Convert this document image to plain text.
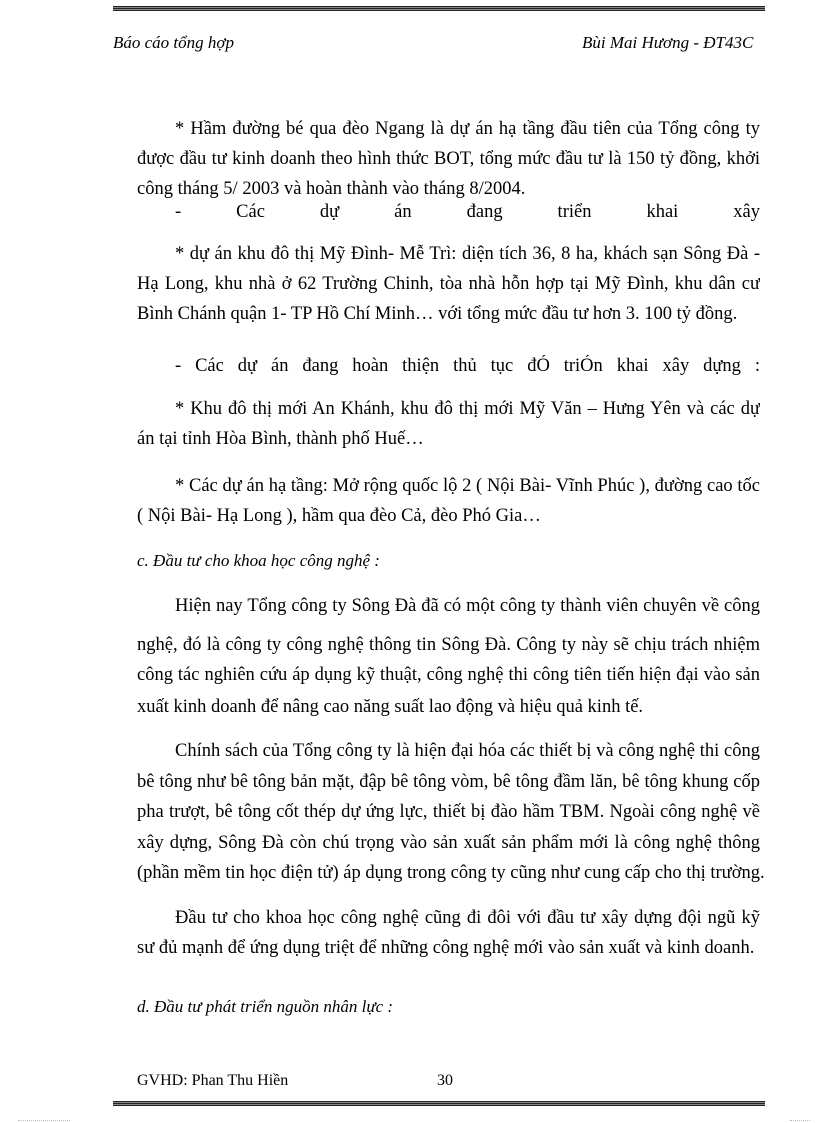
Báo cáo tổng hợp	Bùi Mai Hương - ĐT43C
* Hầm đường bé qua đèo Ngang là dự án hạ tầng đầu tiên của Tổng công ty
được đầu tư kinh doanh theo hình thức BOT, tổng mức đầu tư là 150 tỷ đồng, khởi
công tháng 5/ 2003 và hoàn thành vào tháng 8/2004.
- Các dự án đang triển khai xây
* dự án khu đô thị Mỹ Đình- Mễ Trì: diện tích 36, 8 ha, khách sạn Sông Đà -
Hạ Long, khu nhà ở 62 Trường Chinh, tòa nhà hỗn hợp tại Mỹ Đình, khu dân cư
Bình Chánh quận 1- TP Hồ Chí Minh… với tổng mức đầu tư hơn 3. 100 tỷ đồng.
- Các dự án đang hoàn thiện thủ tục đÓ triÓn khai xây dựng :
* Khu đô thị mới An Khánh, khu đô thị mới Mỹ Văn – Hưng Yên và các dự
án tại tỉnh Hòa Bình, thành phố Huế…
* Các dự án hạ tầng: Mở rộng quốc lộ 2 ( Nội Bài- Vĩnh Phúc ), đường cao tốc
( Nội Bài- Hạ Long ), hầm qua đèo Cả, đèo Phó Gia…
c. Đầu tư cho khoa học công nghệ :
Hiện nay Tổng công ty Sông Đà đã có một công ty thành viên chuyên về công
nghệ, đó là công ty công nghệ thông tin Sông Đà. Công ty này sẽ chịu trách nhiệm
công tác nghiên cứu áp dụng kỹ thuật, công nghệ thi công tiên tiến hiện đại vào sản
xuất kinh doanh để nâng cao năng suất lao động và hiệu quả kinh tế.
Chính sách của Tổng công ty là hiện đại hóa các thiết bị và công nghệ thi công
bê tông như bê tông bản mặt, đập bê tông vòm, bê tông đầm lăn, bê tông khung cốp
pha trượt, bê tông cốt thép dự ứng lực, thiết bị đào hầm TBM. Ngoài công nghệ về
xây dựng, Sông Đà còn chú trọng vào sản xuất sản phẩm mới là công nghệ thông
(phần mềm tin học điện tử) áp dụng trong công ty cũng như cung cấp cho thị trường.
Đầu tư cho khoa học công nghệ cũng đi đôi với đầu tư xây dựng đội ngũ kỹ
sư đủ mạnh để ứng dụng triệt để những công nghệ mới vào sản xuất và kinh doanh.
d. Đầu tư phát triển nguồn nhân lực :
GVHD: Phan Thu Hiền	30
